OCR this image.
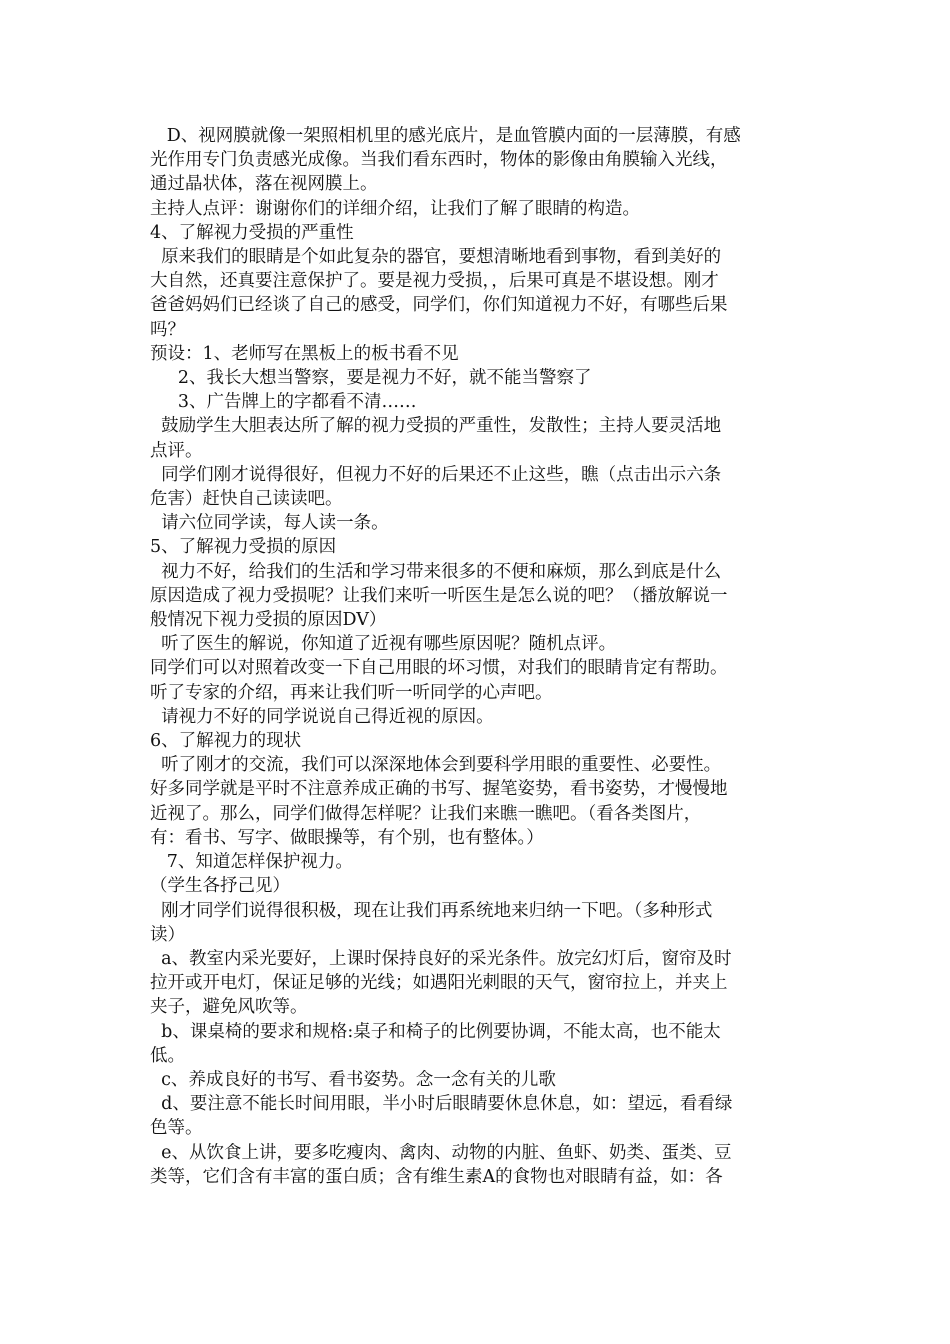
D、视网膜就像一架照相机里的感光底片，是血管膜内面的一层薄膜，有感
光作用专门负责感光成像。当我们看东西时，物体的影像由角膜输入光线，
通过晶状体，落在视网膜上。
主持人点评：谢谢你们的详细介绍，让我们了解了眼睛的构造。
4、了解视力受损的严重性
原来我们的眼睛是个如此复杂的器官，要想清晰地看到事物，看到美好的
大自然，还真要注意保护了。要是视力受损，，后果可真是不堪设想。刚才
爸爸妈妈们已经谈了自己的感受，同学们，你们知道视力不好，有哪些后果
吗？
预设：1、老师写在黑板上的板书看不见
2、我长大想当警察，要是视力不好，就不能当警察了
3、广告牌上的字都看不清……
鼓励学生大胆表达所了解的视力受损的严重性，发散性；主持人要灵活地
点评。
同学们刚才说得很好，但视力不好的后果还不止这些，瞧（点击出示六条
危害）赶快自己读读吧。
请六位同学读，每人读一条。
5、了解视力受损的原因
视力不好，给我们的生活和学习带来很多的不便和麻烦，那么到底是什么
原因造成了视力受损呢？让我们来听一听医生是怎么说的吧？（播放解说一
般情况下视力受损的原因DV）
听了医生的解说，你知道了近视有哪些原因呢？随机点评。
同学们可以对照着改变一下自己用眼的坏习惯，对我们的眼睛肯定有帮助。
听了专家的介绍，再来让我们听一听同学的心声吧。
请视力不好的同学说说自己得近视的原因。
6、了解视力的现状
听了刚才的交流，我们可以深深地体会到要科学用眼的重要性、必要性。
好多同学就是平时不注意养成正确的书写、握笔姿势，看书姿势，才慢慢地
近视了。那么，同学们做得怎样呢？让我们来瞧一瞧吧。（看各类图片，
有：看书、写字、做眼操等，有个别，也有整体。）
7、知道怎样保护视力。
（学生各抒己见）
刚才同学们说得很积极，现在让我们再系统地来归纳一下吧。（多种形式
读）
a、教室内采光要好，上课时保持良好的采光条件。放完幻灯后，窗帘及时
拉开或开电灯，保证足够的光线；如遇阳光刺眼的天气，窗帘拉上，并夹上
夹子，避免风吹等。
b、课桌椅的要求和规格:桌子和椅子的比例要协调，不能太高，也不能太
低。
c、养成良好的书写、看书姿势。念一念有关的儿歌
d、要注意不能长时间用眼，半小时后眼睛要休息休息，如：望远，看看绿
色等。
e、从饮食上讲，要多吃瘦肉、禽肉、动物的内脏、鱼虾、奶类、蛋类、豆
类等，它们含有丰富的蛋白质；含有维生素A的食物也对眼睛有益，如：各
